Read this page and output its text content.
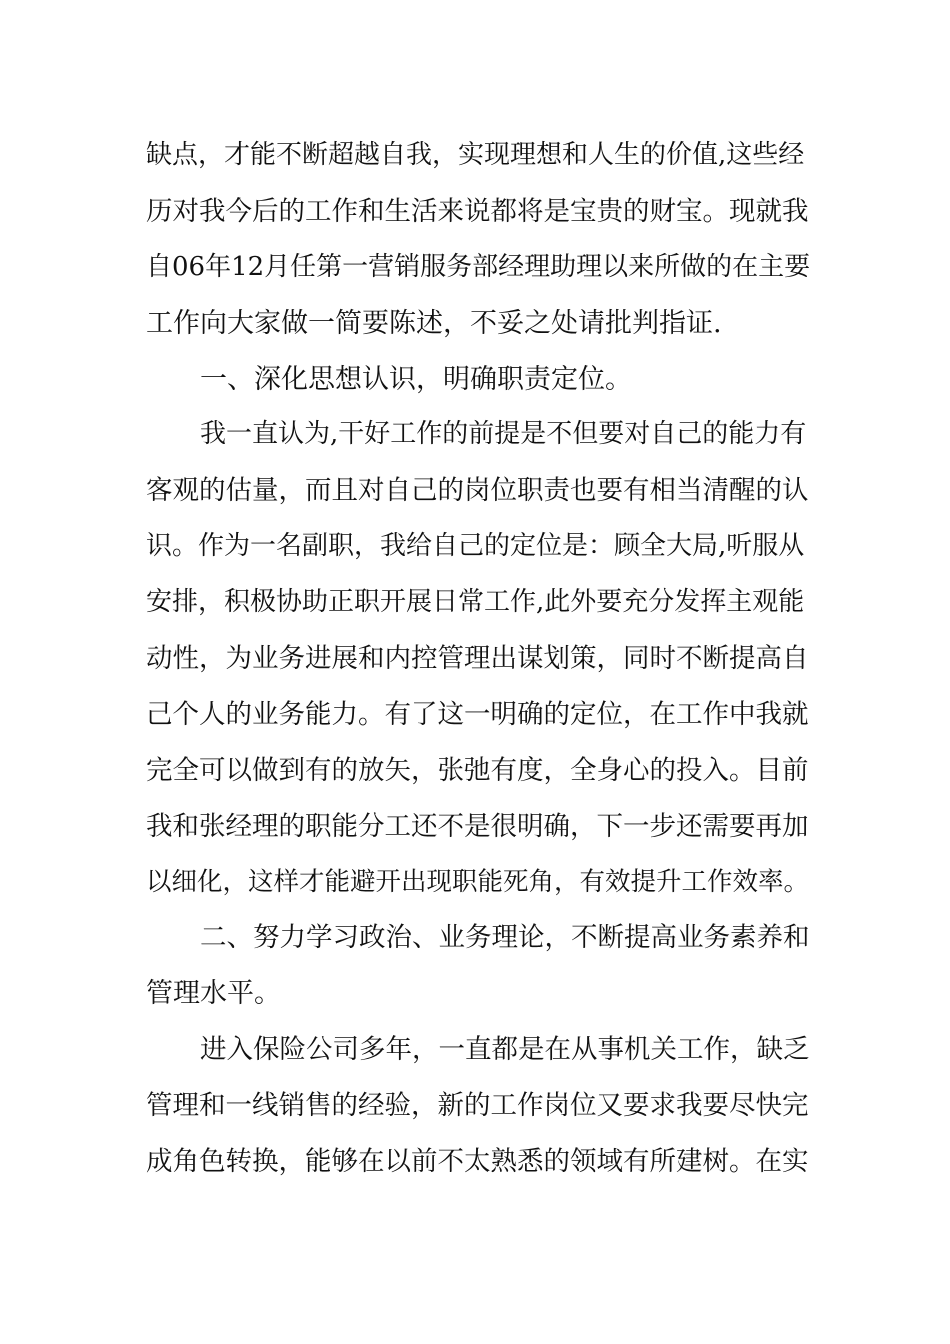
缺点，才能不断超越自我，实现理想和人生的价值,这些经
历对我今后的工作和生活来说都将是宝贵的财宝。现就我
自06年12月任第一营销服务部经理助理以来所做的在主要
工作向大家做一简要陈述，不妥之处请批判指证.
一、深化思想认识，明确职责定位。
我一直认为,干好工作的前提是不但要对自己的能力有
客观的估量，而且对自己的岗位职责也要有相当清醒的认
识。作为一名副职，我给自己的定位是：顾全大局,听服从
安排，积极协助正职开展日常工作,此外要充分发挥主观能
动性，为业务进展和内控管理出谋划策，同时不断提高自
己个人的业务能力。有了这一明确的定位，在工作中我就
完全可以做到有的放矢，张弛有度，全身心的投入。目前
我和张经理的职能分工还不是很明确，下一步还需要再加
以细化，这样才能避开出现职能死角，有效提升工作效率。
二、努力学习政治、业务理论，不断提高业务素养和
管理水平。
进入保险公司多年，一直都是在从事机关工作，缺乏
管理和一线销售的经验，新的工作岗位又要求我要尽快完
成角色转换，能够在以前不太熟悉的领域有所建树。在实
